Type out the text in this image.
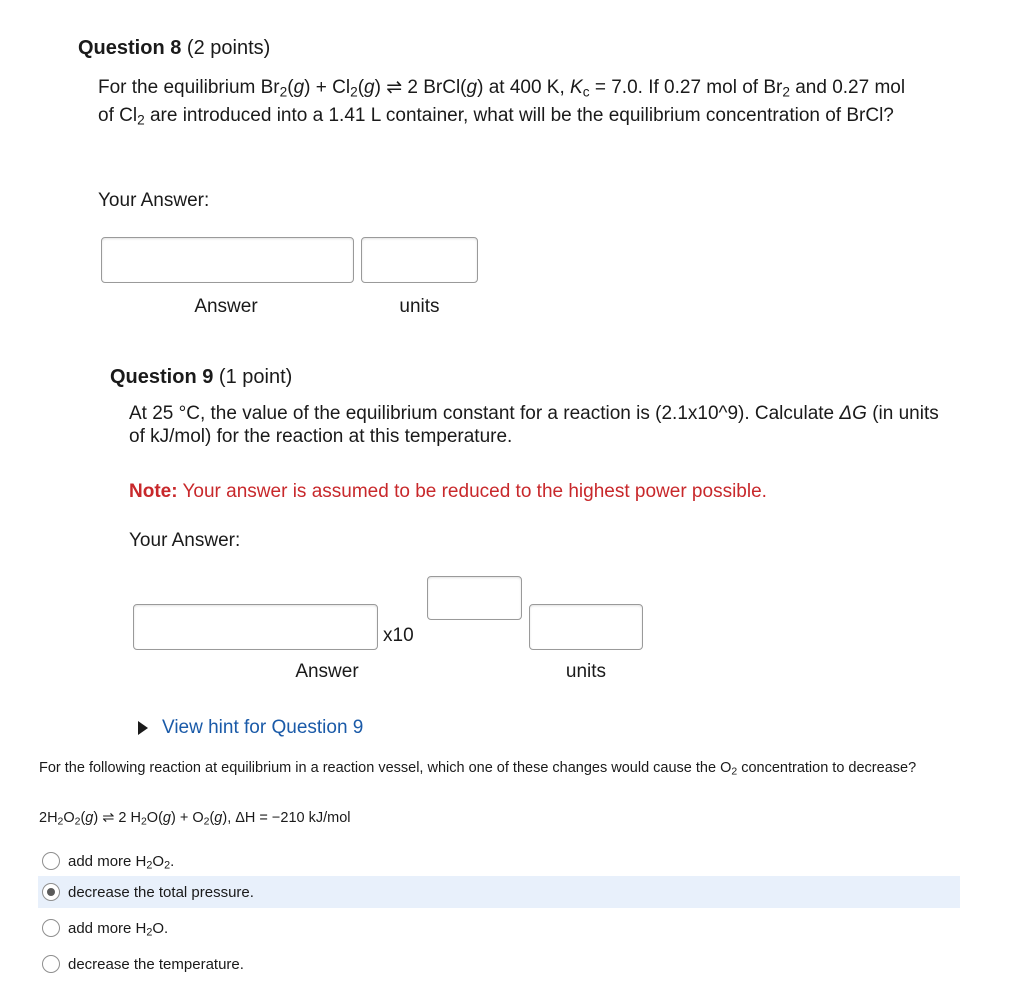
Question 8 (2 points)
For the equilibrium $Br_2(g) + Cl_2(g)$ ⇌ 2 BrCl(g) at 400 K, $K_c = 7.0$. If 0.27 mol of $Br_2$ and 0.27 mol of $Cl_2$ are introduced into a 1.41 L container, what will be the equilibrium concentration of BrCl?
Your Answer:
Answer	units
Question 9 (1 point)
At 25 °C, the value of the equilibrium constant for a reaction is (2.1x10^9). Calculate ΔG (in units of kJ/mol) for the reaction at this temperature.
Note: Your answer is assumed to be reduced to the highest power possible.
Your Answer:
x10
Answer	units
View hint for Question 9
For the following reaction at equilibrium in a reaction vessel, which one of these changes would cause the $O_2$ concentration to decrease?
$2H_2O_2(g)$ ⇌ 2 $H_2O(g) + O_2(g)$, ΔH = −210 kJ/mol
add more $H_2O_2$.
decrease the total pressure.
add more $H_2O$.
decrease the temperature.
